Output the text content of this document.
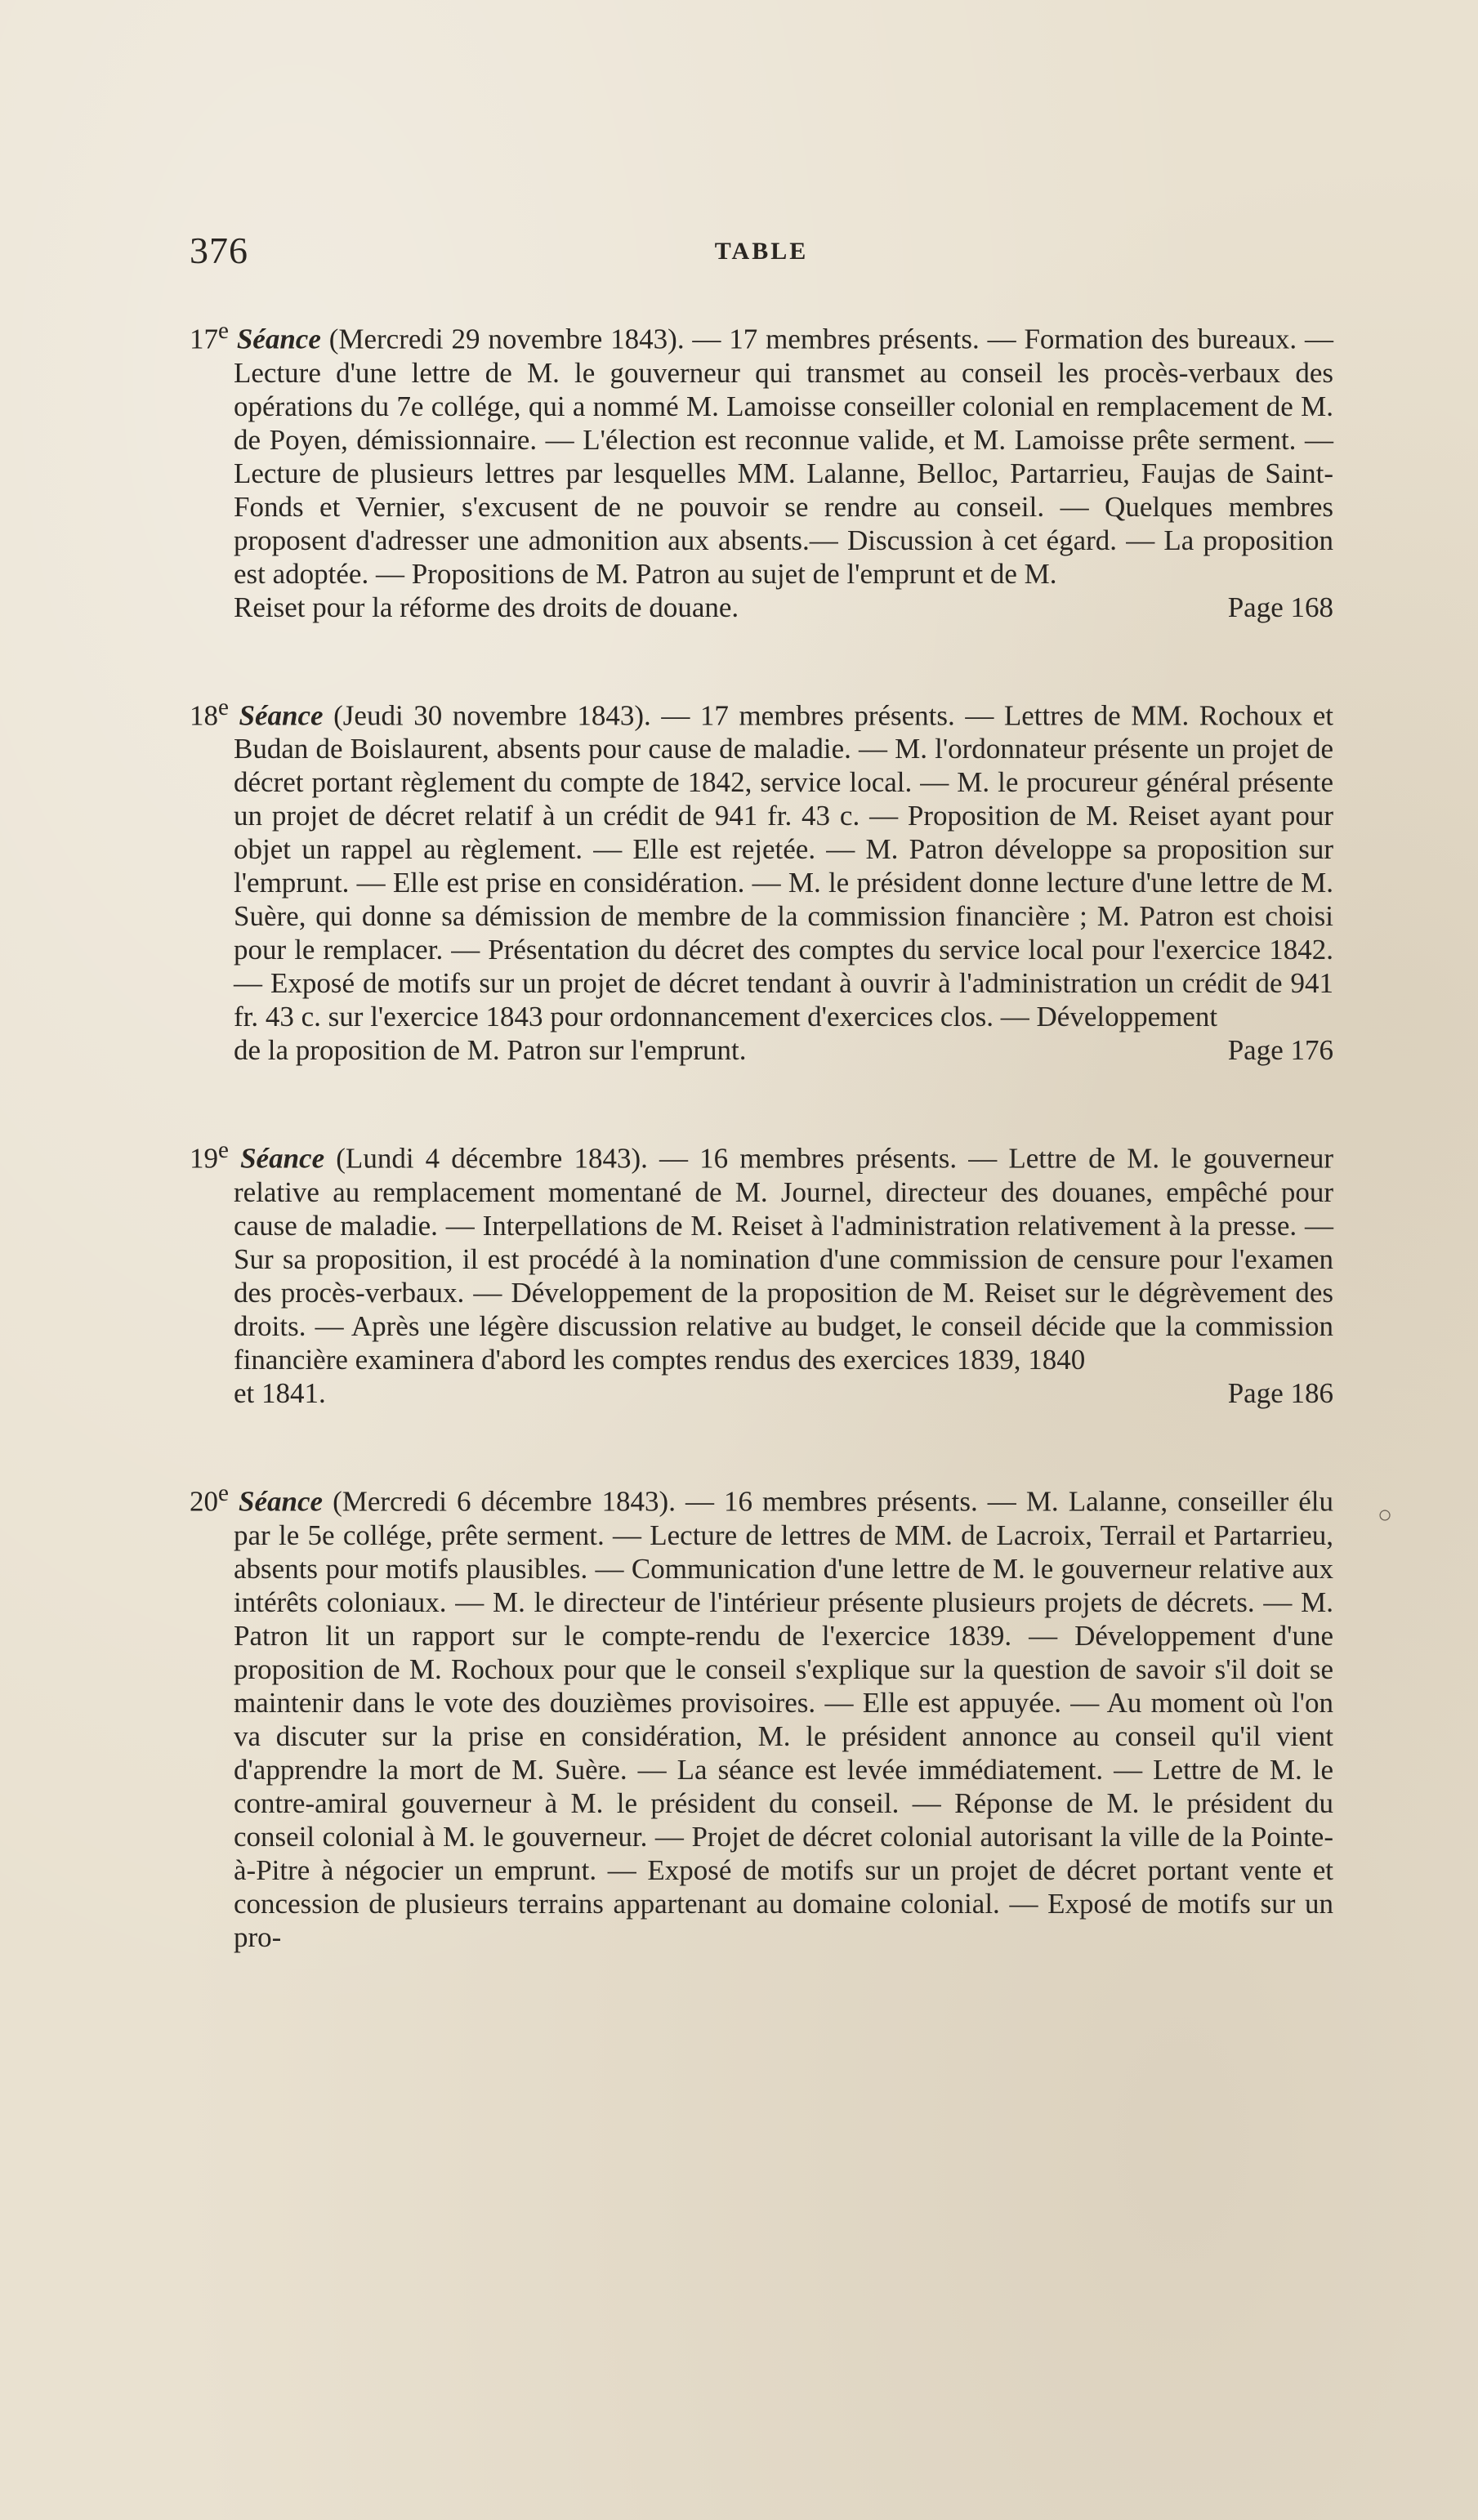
376	TABLE

17e Séance (Mercredi 29 novembre 1843). — 17 membres présents. — Formation des bureaux. — Lecture d'une lettre de M. le gouverneur qui transmet au conseil les procès-verbaux des opérations du 7e collége, qui a nommé M. Lamoisse conseiller colonial en remplacement de M. de Poyen, démissionnaire. — L'élection est reconnue valide, et M. Lamoisse prête serment. — Lecture de plusieurs lettres par lesquelles MM. Lalanne, Belloc, Partarrieu, Faujas de Saint-Fonds et Vernier, s'excusent de ne pouvoir se rendre au conseil. — Quelques membres proposent d'adresser une admonition aux absents.— Discussion à cet égard. — La proposition est adoptée. — Propositions de M. Patron au sujet de l'emprunt et de M.
Reiset pour la réforme des droits de douane.	Page 168

18e Séance (Jeudi 30 novembre 1843). — 17 membres présents. — Lettres de MM. Rochoux et Budan de Boislaurent, absents pour cause de maladie. — M. l'ordonnateur présente un projet de décret portant règlement du compte de 1842, service local. — M. le procureur général présente un projet de décret relatif à un crédit de 941 fr. 43 c. — Proposition de M. Reiset ayant pour objet un rappel au règlement. — Elle est rejetée. — M. Patron développe sa proposition sur l'emprunt. — Elle est prise en considération. — M. le président donne lecture d'une lettre de M. Suère, qui donne sa démission de membre de la commission financière ; M. Patron est choisi pour le remplacer. — Présentation du décret des comptes du service local pour l'exercice 1842. — Exposé de motifs sur un projet de décret tendant à ouvrir à l'administration un crédit de 941 fr. 43 c. sur l'exercice 1843 pour ordonnancement d'exercices clos. — Développement
de la proposition de M. Patron sur l'emprunt.	Page 176

19e Séance (Lundi 4 décembre 1843). — 16 membres présents. — Lettre de M. le gouverneur relative au remplacement momentané de M. Journel, directeur des douanes, empêché pour cause de maladie. — Interpellations de M. Reiset à l'administration relativement à la presse. — Sur sa proposition, il est procédé à la nomination d'une commission de censure pour l'examen des procès-verbaux. — Développement de la proposition de M. Reiset sur le dégrèvement des droits. — Après une légère discussion relative au budget, le conseil décide que la commission financière examinera d'abord les comptes rendus des exercices 1839, 1840
et 1841.	Page 186

20e Séance (Mercredi 6 décembre 1843). — 16 membres présents. — M. Lalanne, conseiller élu par le 5e collége, prête serment. — Lecture de lettres de MM. de Lacroix, Terrail et Partarrieu, absents pour motifs plausibles. — Communication d'une lettre de M. le gouverneur relative aux intérêts coloniaux. — M. le directeur de l'intérieur présente plusieurs projets de décrets. — M. Patron lit un rapport sur le compte-rendu de l'exercice 1839. — Développement d'une proposition de M. Rochoux pour que le conseil s'explique sur la question de savoir s'il doit se maintenir dans le vote des douzièmes provisoires. — Elle est appuyée. — Au moment où l'on va discuter sur la prise en considération, M. le président annonce au conseil qu'il vient d'apprendre la mort de M. Suère. — La séance est levée immédiatement. — Lettre de M. le contre-amiral gouverneur à M. le président du conseil. — Réponse de M. le président du conseil colonial à M. le gouverneur. — Projet de décret colonial autorisant la ville de la Pointe-à-Pitre à négocier un emprunt. — Exposé de motifs sur un projet de décret portant vente et concession de plusieurs terrains appartenant au domaine colonial. — Exposé de motifs sur un pro-

○
